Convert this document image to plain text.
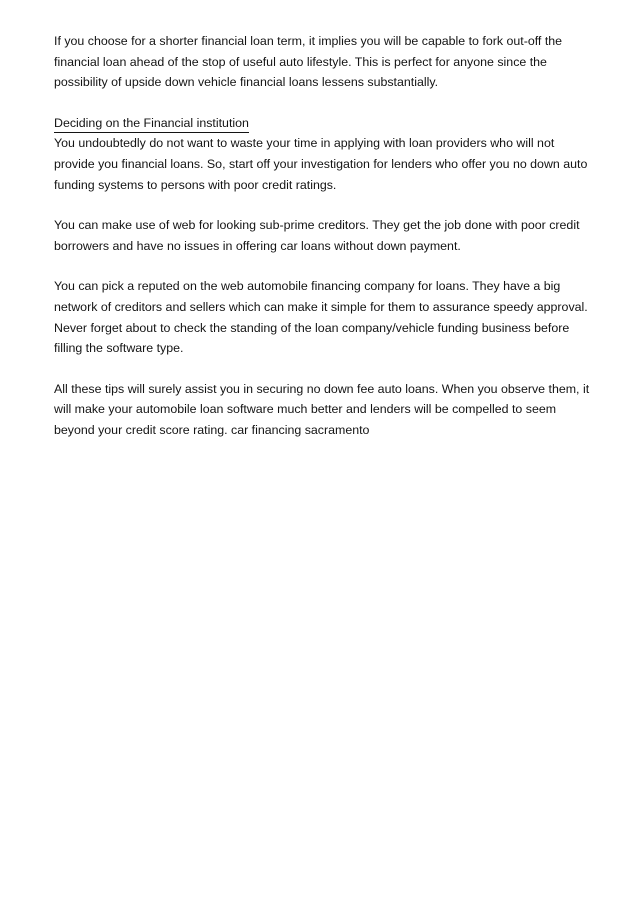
If you choose for a shorter financial loan term, it implies you will be capable to fork out-off the financial loan ahead of the stop of useful auto lifestyle. This is perfect for anyone since the possibility of upside down vehicle financial loans lessens substantially.

Deciding on the Financial institution

You undoubtedly do not want to waste your time in applying with loan providers who will not provide you financial loans. So, start off your investigation for lenders who offer you no down auto funding systems to persons with poor credit ratings.

You can make use of web for looking sub-prime creditors. They get the job done with poor credit borrowers and have no issues in offering car loans without down payment.

You can pick a reputed on the web automobile financing company for loans. They have a big network of creditors and sellers which can make it simple for them to assurance speedy approval. Never forget about to check the standing of the loan company/vehicle funding business before filling the software type.

All these tips will surely assist you in securing no down fee auto loans. When you observe them, it will make your automobile loan software much better and lenders will be compelled to seem beyond your credit score rating. car financing sacramento
